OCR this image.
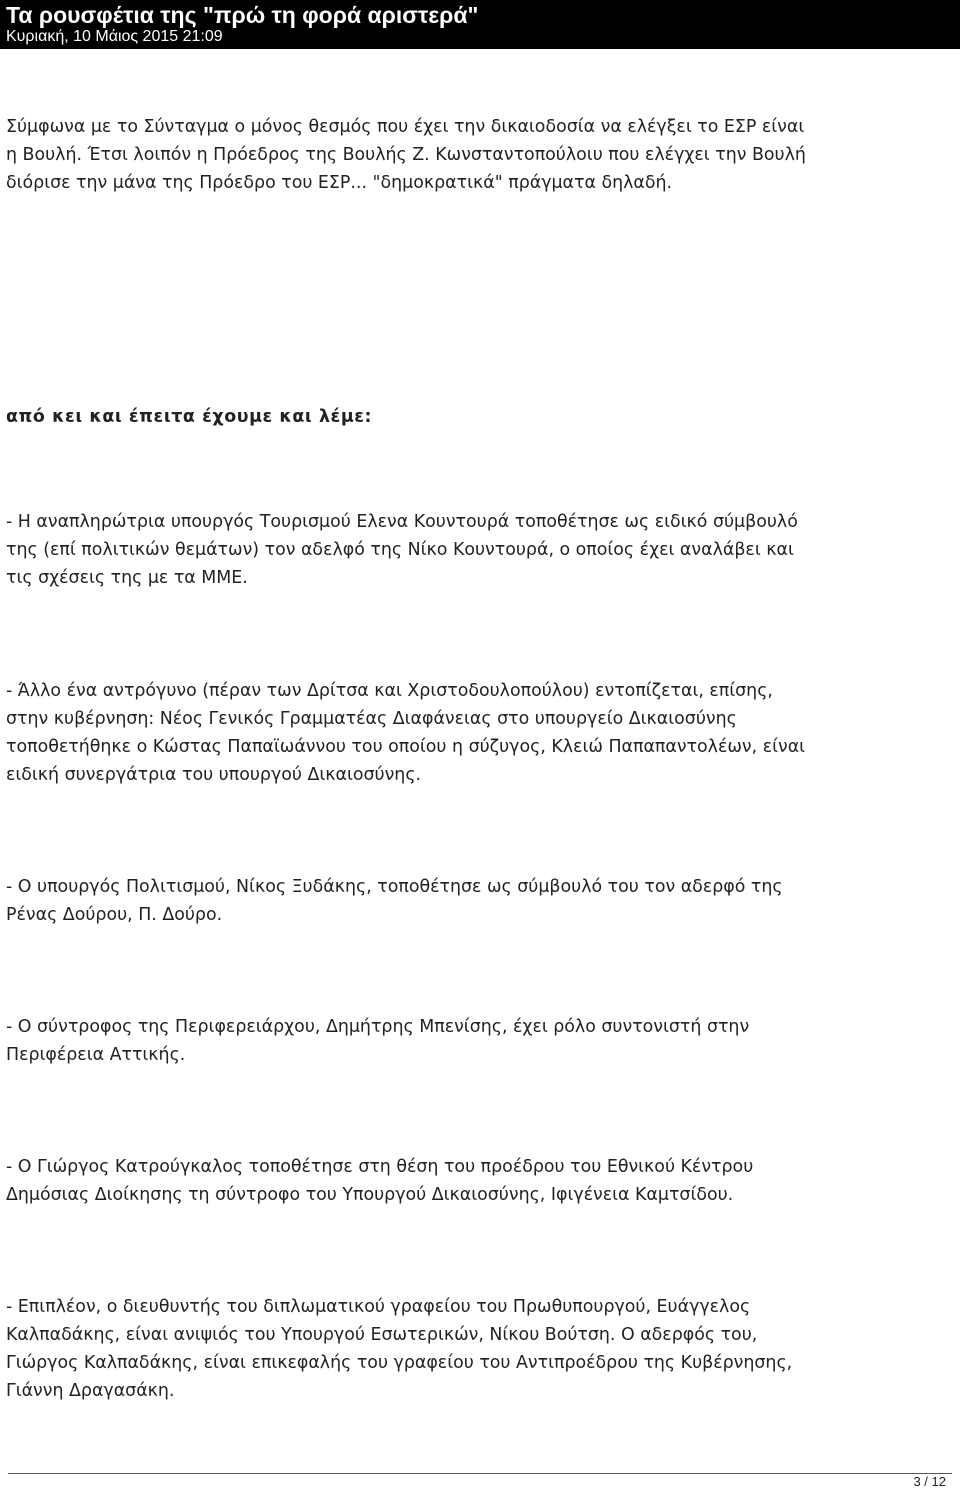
Τα ρουσφέτια της "πρώ τη φορά αριστερά"
Κυριακή, 10 Μάιος 2015 21:09

Σύμφωνα με το Σύνταγμα ο μόνος θεσμός που έχει την δικαιοδοσία να ελέγξει το ΕΣΡ είναι
η Βουλή. Έτσι λοιπόν η Πρόεδρος της Βουλής Ζ. Κωνσταντοπούλοιυ που ελέγχει την Βουλή
διόρισε την μάνα της Πρόεδρο του ΕΣΡ... "δημοκρατικά" πράγματα δηλαδή.

από κει και έπειτα έχουμε και λέμε:

- Η αναπληρώτρια υπουργός Τουρισμού Ελενα Κουντουρά τοποθέτησε ως ειδικό σύμβουλό
της (επί πολιτικών θεμάτων) τον αδελφό της Νίκο Κουντουρά, ο οποίος έχει αναλάβει και
τις σχέσεις της με τα ΜΜΕ.

- Άλλο ένα αντρόγυνο (πέραν των Δρίτσα και Χριστοδουλοπούλου) εντοπίζεται, επίσης,
στην κυβέρνηση: Νέος Γενικός Γραμματέας Διαφάνειας στο υπουργείο Δικαιοσύνης
τοποθετήθηκε ο Κώστας Παπαϊωάννου του οποίου η σύζυγος, Κλειώ Παπαπαντολέων, είναι
ειδική συνεργάτρια του υπουργού Δικαιοσύνης.

- Ο υπουργός Πολιτισμού, Νίκος Ξυδάκης, τοποθέτησε ως σύμβουλό του τον αδερφό της
Ρένας Δούρου, Π. Δούρο.

- Ο σύντροφος της Περιφερειάρχου, Δημήτρης Μπενίσης, έχει ρόλο συντονιστή στην
Περιφέρεια Αττικής.

- Ο Γιώργος Κατρούγκαλος τοποθέτησε στη θέση του προέδρου του Εθνικού Κέντρου
Δημόσιας Διοίκησης τη σύντροφο του Υπουργού Δικαιοσύνης, Ιφιγένεια Καμτσίδου.

- Επιπλέον, ο διευθυντής του διπλωματικού γραφείου του Πρωθυπουργού, Ευάγγελος
Καλπαδάκης, είναι ανιψιός του Υπουργού Εσωτερικών, Νίκου Βούτση. Ο αδερφός του,
Γιώργος Καλπαδάκης, είναι επικεφαλής του γραφείου του Αντιπροέδρου της Κυβέρνησης,
Γιάννη Δραγασάκη.

3 / 12
